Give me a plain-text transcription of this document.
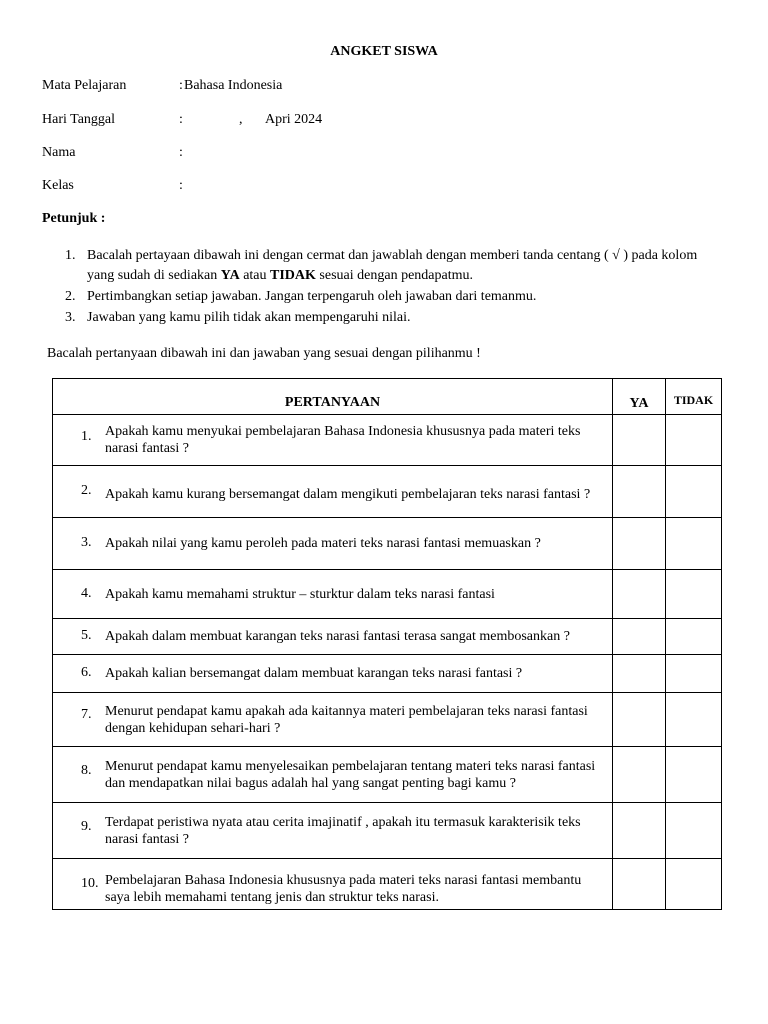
ANGKET SISWA
Mata Pelajaran	: Bahasa Indonesia
Hari Tanggal	:	, Apri 2024
Nama	:
Kelas	:
Petunjuk :
1. Bacalah pertayaan dibawah ini dengan cermat dan jawablah dengan memberi tanda centang ( √ ) pada kolom yang sudah di sediakan YA atau TIDAK sesuai dengan pendapatmu.
2. Pertimbangkan setiap jawaban. Jangan terpengaruh oleh jawaban dari temanmu.
3. Jawaban yang kamu pilih tidak akan mempengaruhi nilai.
Bacalah pertanyaan dibawah ini dan jawaban yang sesuai dengan pilihanmu !
PERTANYAAN	YA	TIDAK

1. Apakah kamu menyukai pembelajaran Bahasa Indonesia khususnya pada materi teks narasi fantasi ?		

2. Apakah kamu kurang bersemangat dalam mengikuti pembelajaran teks narasi fantasi ?		

3. Apakah nilai yang kamu peroleh pada materi teks narasi fantasi memuaskan ?		

4. Apakah kamu memahami struktur – sturktur dalam teks narasi fantasi		

5. Apakah dalam membuat karangan teks narasi fantasi terasa sangat membosankan ?		

6. Apakah kalian bersemangat dalam membuat karangan teks narasi fantasi ?		

7. Menurut pendapat kamu apakah ada kaitannya materi pembelajaran teks narasi fantasi dengan kehidupan sehari-hari ?		

8. Menurut pendapat kamu menyelesaikan pembelajaran tentang materi teks narasi fantasi dan mendapatkan nilai bagus adalah hal yang sangat penting bagi kamu ?		

9. Terdapat peristiwa nyata atau cerita imajinatif , apakah itu termasuk karakterisik teks narasi fantasi ?		

10. Pembelajaran Bahasa Indonesia khususnya pada materi teks narasi fantasi membantu saya lebih memahami tentang jenis dan struktur teks narasi.		
